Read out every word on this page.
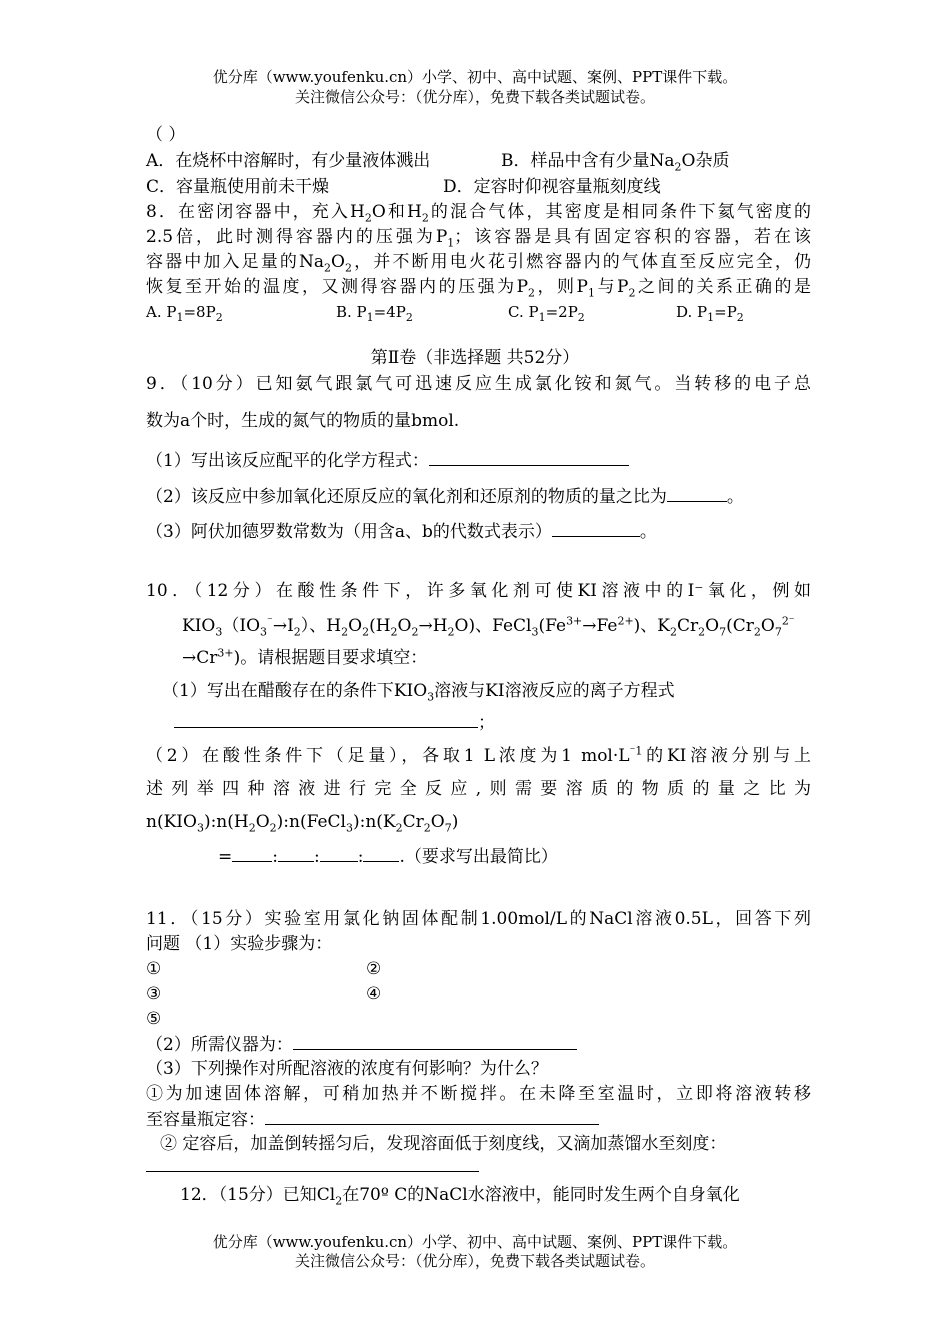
优分库（www.youfenku.cn）小学、初中、高中试题、案例、PPT课件下载。
关注微信公众号：（优分库），免费下载各类试题试卷。
（ ）
A．在烧杯中溶解时，有少量液体溅出	B．样品中含有少量$Na_2O$杂质
C．容量瓶使用前未干燥	D．定容时仰视容量瓶刻度线
8．在密闭容器中，充入$H_2O$和$H_2$的混合气体，其密度是相同条件下氦气密度的
2.5倍，此时测得容器内的压强为$P_1$；该容器是具有固定容积的容器，若在该
容器中加入足量的$Na_2O_2$，并不断用电火花引燃容器内的气体直至反应完全，仍
恢复至开始的温度，又测得容器内的压强为$P_2$，则$P_1$与$P_2$之间的关系正确的是
A. $P_1=8P_2$	B. $P_1=4P_2$	C. $P_1=2P_2$	D. $P_1=P_2$
第Ⅱ卷（非选择题 共52分）
9．（10分）已知氨气跟氯气可迅速反应生成氯化铵和氮气。当转移的电子总
数为a个时，生成的氮气的物质的量bmol.
（1）写出该反应配平的化学方程式：
（2）该反应中参加氧化还原反应的氧化剂和还原剂的物质的量之比为	。
（3）阿伏加德罗数常数为（用含a、b的代数式表示）	。
10．（12分）在酸性条件下，许多氧化剂可使KI溶液中的I⁻氧化，例如
$KIO_3(IO_3^{^-}\to I_2)$、$H_2O_2(H_2O_2\to H_2O)$、$FeCl_3(Fe^{3+}\to Fe^{2+})$、$K_2Cr_2O_7(Cr_2O_7^{2^-}$
$\to Cr^{3+}$)。请根据题目要求填空：
（1）写出在醋酸存在的条件下$KIO_3$溶液与KI溶液反应的离子方程式
；
（2）在酸性条件下（足量），各取1 L浓度为1 $mol\cdot L^{^-1}$的KI溶液分别与上
述列举四种溶液进行完全反应,则需要溶质的物质的量之比为
$n(KIO_3):n(H_2O_2):n(FeCl_3):n(K_2Cr_2O_7)$
= : : : .（要求写出最简比）
11．（15分）实验室用氯化钠固体配制1.00mol/L的NaCl溶液0.5L，回答下列
问题 （1）实验步骤为：
①	②
③	④
⑤
（2）所需仪器为：
（3）下列操作对所配溶液的浓度有何影响？为什么？
①为加速固体溶解，可稍加热并不断搅拌。在未降至室温时，立即将溶液转移
至容量瓶定容：
② 定容后，加盖倒转摇匀后，发现溶面低于刻度线，又滴加蒸馏水至刻度：
12．（15分）已知$Cl_2$在70º C的NaCl水溶液中，能同时发生两个自身氧化
优分库（www.youfenku.cn）小学、初中、高中试题、案例、PPT课件下载。
关注微信公众号：（优分库），免费下载各类试题试卷。
